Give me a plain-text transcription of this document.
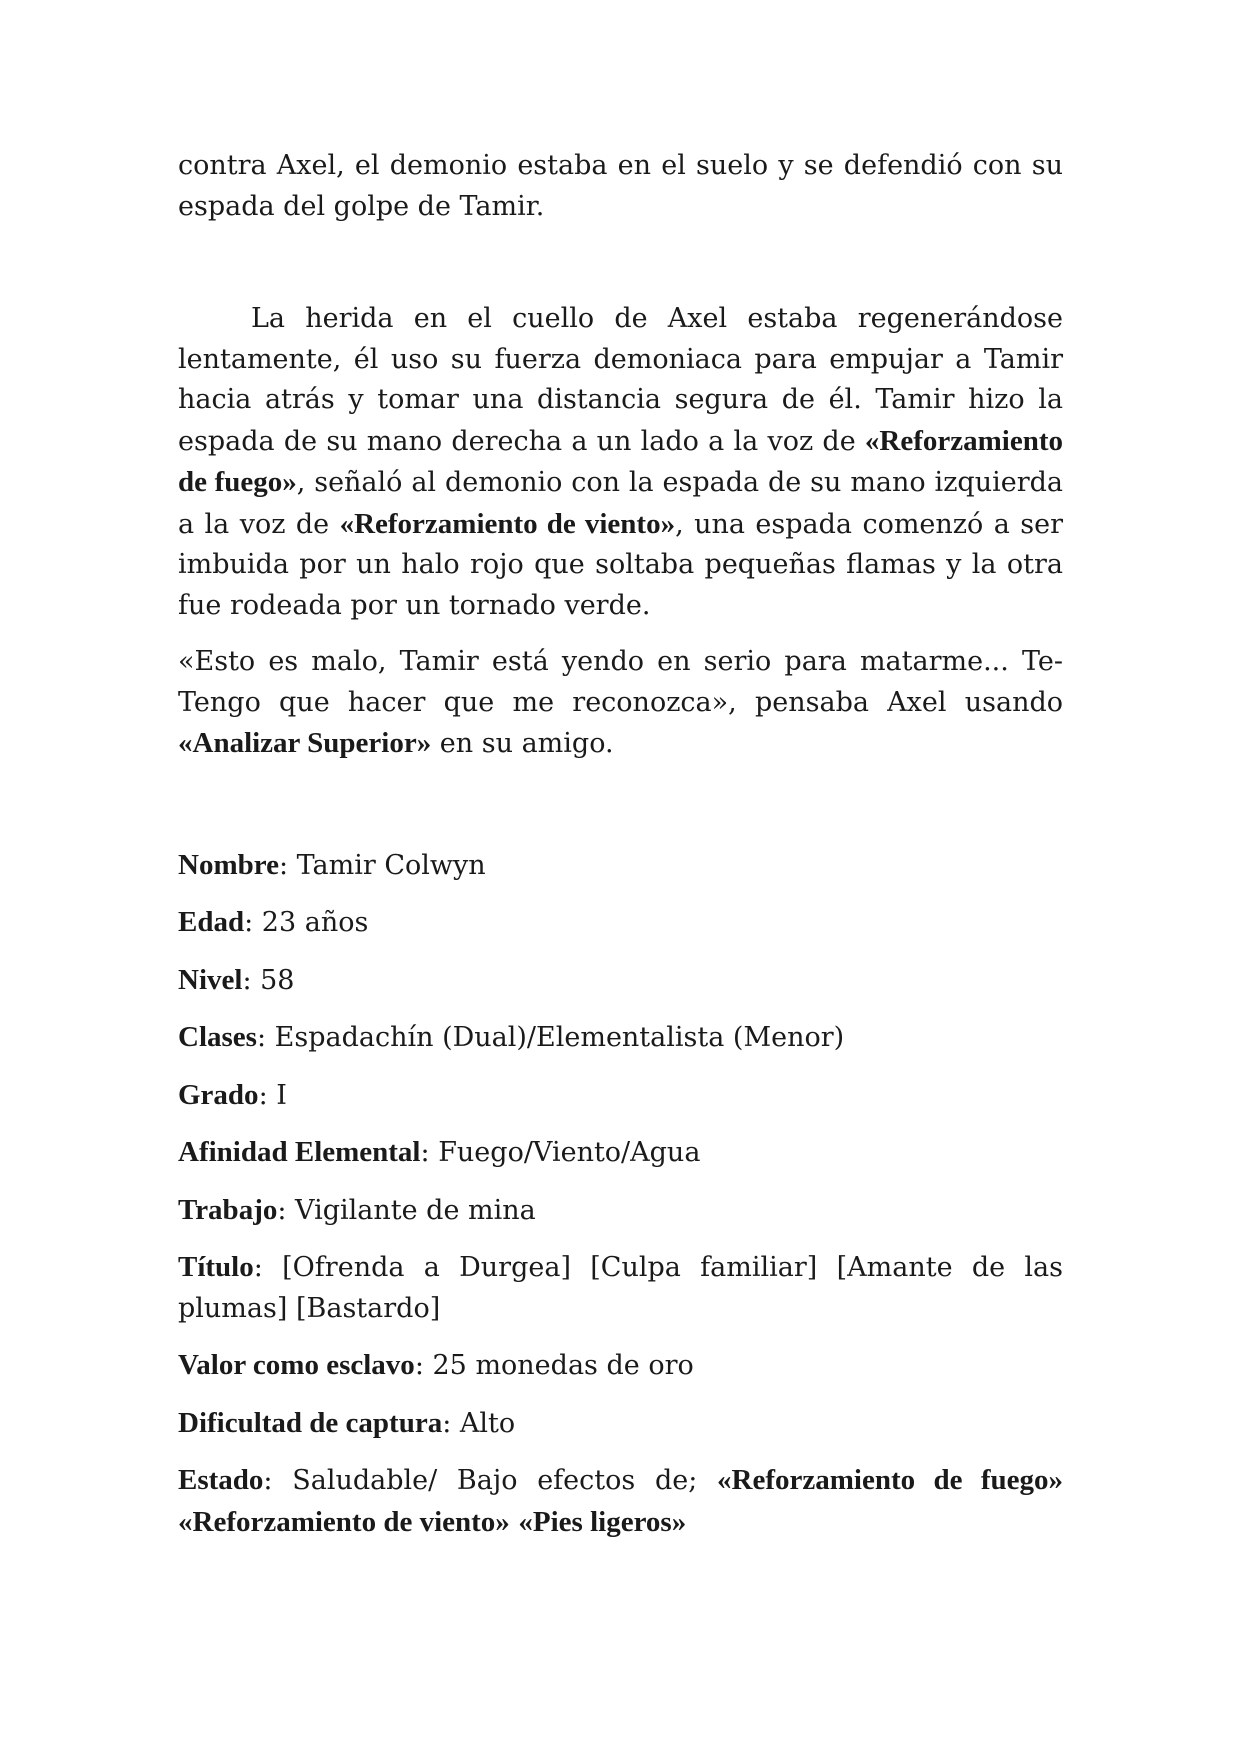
contra Axel, el demonio estaba en el suelo y se defendió con su espada del golpe de Tamir.

La herida en el cuello de Axel estaba regenerándose lentamente, él uso su fuerza demoniaca para empujar a Tamir hacia atrás y tomar una distancia segura de él. Tamir hizo la espada de su mano derecha a un lado a la voz de «Reforzamiento de fuego», señaló al demonio con la espada de su mano izquierda a la voz de «Reforzamiento de viento», una espada comenzó a ser imbuida por un halo rojo que soltaba pequeñas flamas y la otra fue rodeada por un tornado verde.

«Esto es malo, Tamir está yendo en serio para matarme... Te-Tengo que hacer que me reconozca», pensaba Axel usando «Analizar Superior» en su amigo.

Nombre: Tamir Colwyn

Edad: 23 años

Nivel: 58

Clases: Espadachín (Dual)/Elementalista (Menor)

Grado: I

Afinidad Elemental: Fuego/Viento/Agua

Trabajo: Vigilante de mina

Título: [Ofrenda a Durgea] [Culpa familiar] [Amante de las plumas] [Bastardo]

Valor como esclavo: 25 monedas de oro

Dificultad de captura: Alto

Estado: Saludable/ Bajo efectos de; «Reforzamiento de fuego» «Reforzamiento de viento» «Pies ligeros»
